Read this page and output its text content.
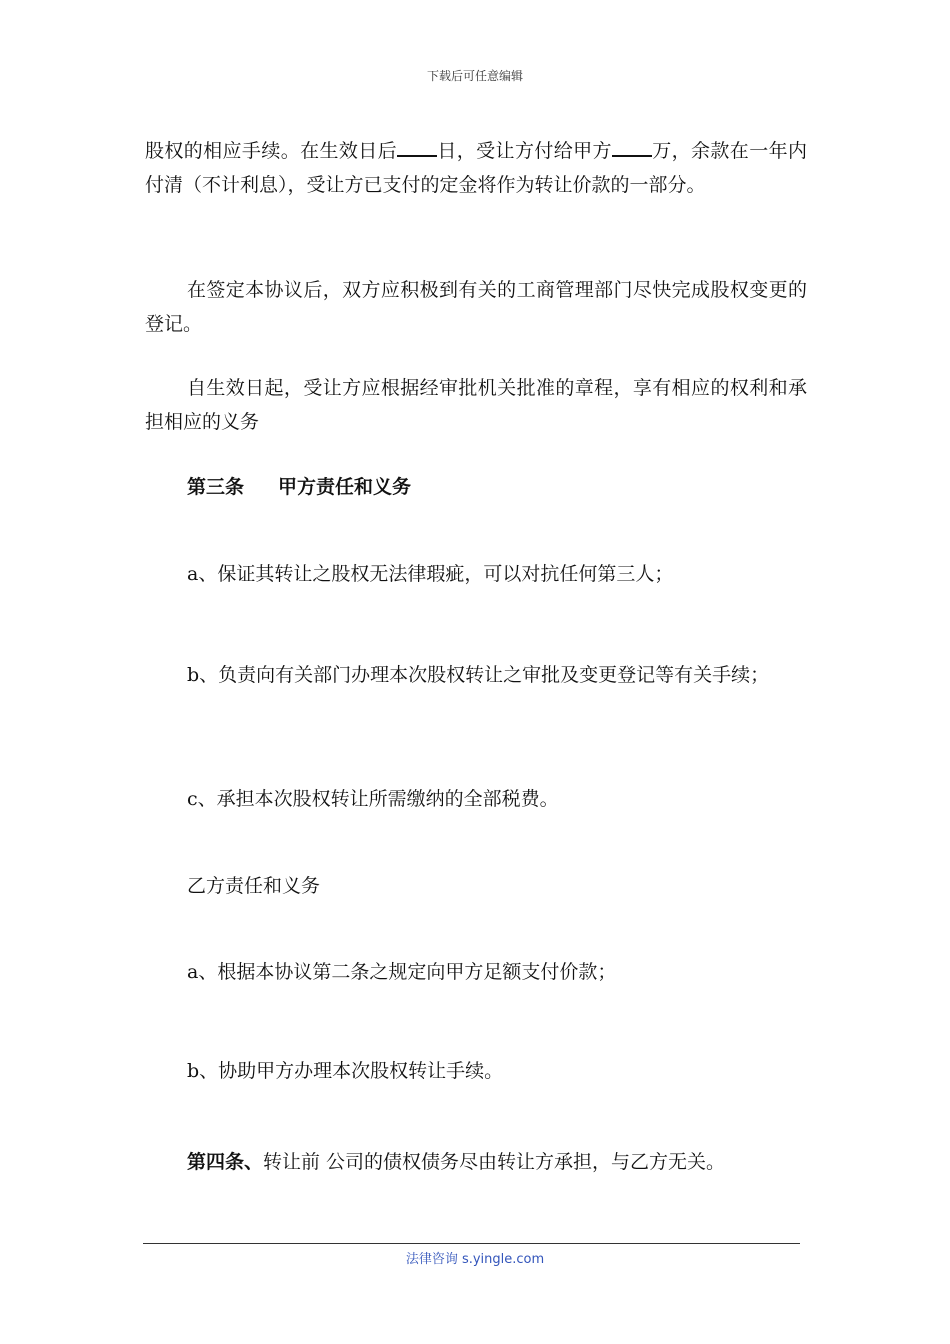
下载后可任意编辑

股权的相应手续。在生效日后 日，受让方付给甲方 万，余款在一年内付清（不计利息），受让方已支付的定金将作为转让价款的一部分。

在签定本协议后，双方应积极到有关的工商管理部门尽快完成股权变更的登记。

自生效日起，受让方应根据经审批机关批准的章程，享有相应的权利和承担相应的义务

第三条 甲方责任和义务

a、保证其转让之股权无法律瑕疵，可以对抗任何第三人；

b、负责向有关部门办理本次股权转让之审批及变更登记等有关手续；

c、承担本次股权转让所需缴纳的全部税费。

乙方责任和义务

a、根据本协议第二条之规定向甲方足额支付价款；

b、协助甲方办理本次股权转让手续。

第四条、转让前 公司的债权债务尽由转让方承担，与乙方无关。

法律咨询 s.yingle.com
